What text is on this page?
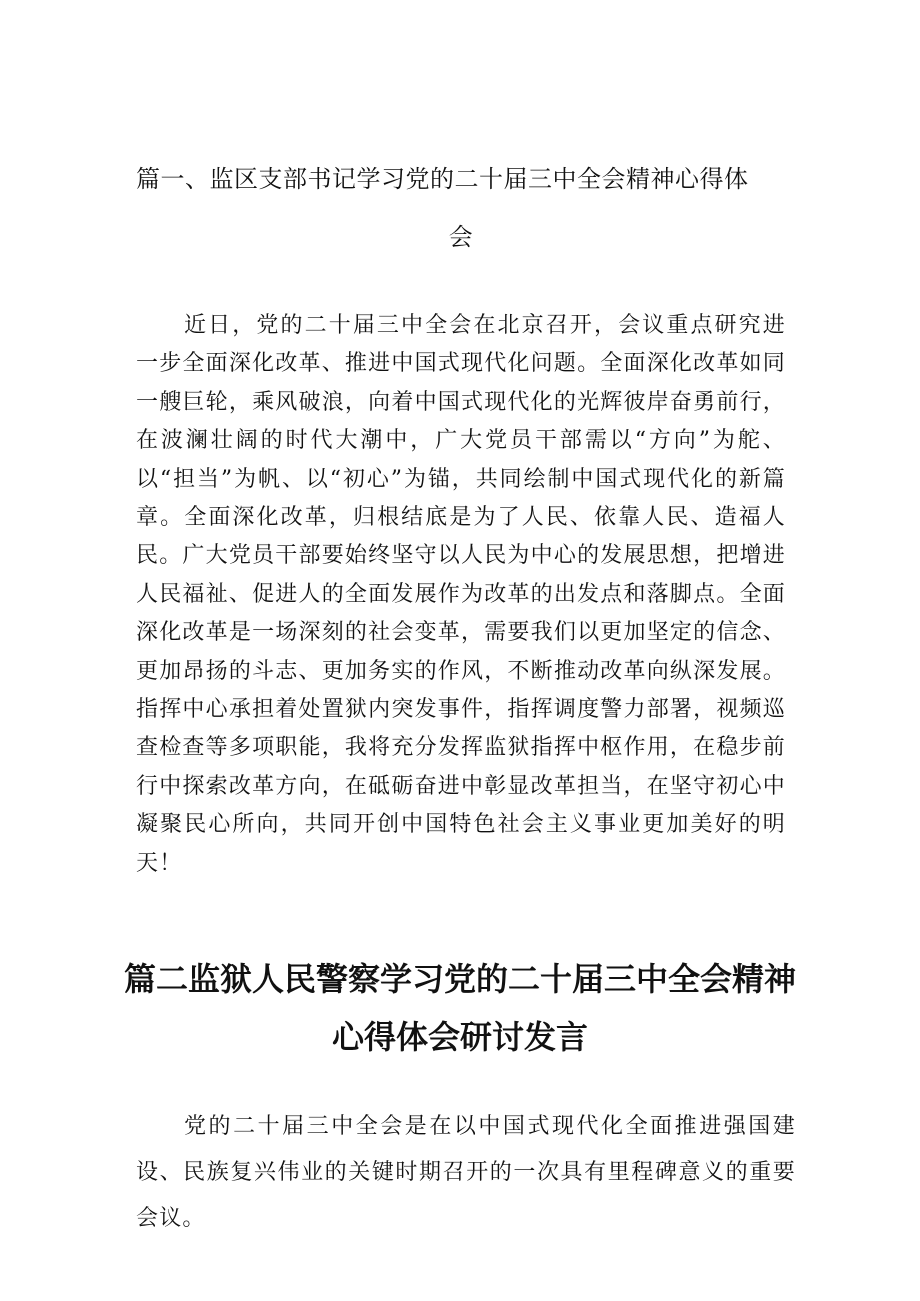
篇一、监区支部书记学习党的二十届三中全会精神心得体
会

近日，党的二十届三中全会在北京召开，会议重点研究进一步全面深化改革、推进中国式现代化问题。全面深化改革如同一艘巨轮，乘风破浪，向着中国式现代化的光辉彼岸奋勇前行，在波澜壮阔的时代大潮中，广大党员干部需以“方向”为舵、以“担当”为帆、以“初心”为锚，共同绘制中国式现代化的新篇章。全面深化改革，归根结底是为了人民、依靠人民、造福人民。广大党员干部要始终坚守以人民为中心的发展思想，把增进人民福祉、促进人的全面发展作为改革的出发点和落脚点。全面深化改革是一场深刻的社会变革，需要我们以更加坚定的信念、更加昂扬的斗志、更加务实的作风，不断推动改革向纵深发展。指挥中心承担着处置狱内突发事件，指挥调度警力部署，视频巡查检查等多项职能，我将充分发挥监狱指挥中枢作用，在稳步前行中探索改革方向，在砥砺奋进中彰显改革担当，在坚守初心中凝聚民心所向，共同开创中国特色社会主义事业更加美好的明天！

篇二监狱人民警察学习党的二十届三中全会精神心得体会研讨发言

党的二十届三中全会是在以中国式现代化全面推进强国建设、民族复兴伟业的关键时期召开的一次具有里程碑意义的重要会议。
